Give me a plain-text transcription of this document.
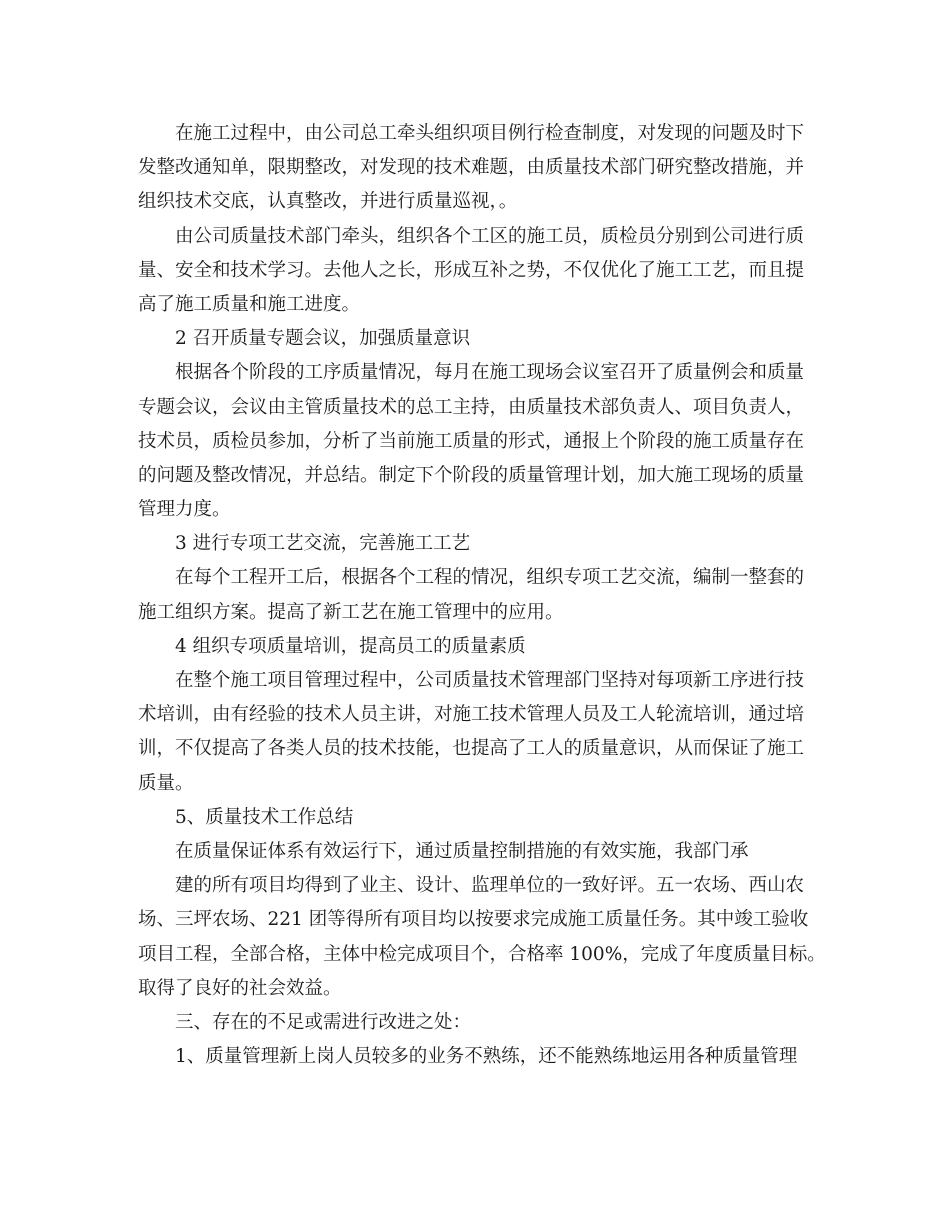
在施工过程中，由公司总工牵头组织项目例行检查制度，对发现的问题及时下
发整改通知单，限期整改，对发现的技术难题，由质量技术部门研究整改措施，并
组织技术交底，认真整改，并进行质量巡视，。
由公司质量技术部门牵头，组织各个工区的施工员，质检员分别到公司进行质
量、安全和技术学习。去他人之长，形成互补之势，不仅优化了施工工艺，而且提
高了施工质量和施工进度。
2 召开质量专题会议，加强质量意识
根据各个阶段的工序质量情况，每月在施工现场会议室召开了质量例会和质量
专题会议，会议由主管质量技术的总工主持，由质量技术部负责人、项目负责人，
技术员，质检员参加，分析了当前施工质量的形式，通报上个阶段的施工质量存在
的问题及整改情况，并总结。制定下个阶段的质量管理计划，加大施工现场的质量
管理力度。
3 进行专项工艺交流，完善施工工艺
在每个工程开工后，根据各个工程的情况，组织专项工艺交流，编制一整套的
施工组织方案。提高了新工艺在施工管理中的应用。
4 组织专项质量培训，提高员工的质量素质
在整个施工项目管理过程中，公司质量技术管理部门坚持对每项新工序进行技
术培训，由有经验的技术人员主讲，对施工技术管理人员及工人轮流培训，通过培
训，不仅提高了各类人员的技术技能，也提高了工人的质量意识，从而保证了施工
质量。
5、质量技术工作总结
在质量保证体系有效运行下，通过质量控制措施的有效实施，我部门承
建的所有项目均得到了业主、设计、监理单位的一致好评。五一农场、西山农
场、三坪农场、221 团等得所有项目均以按要求完成施工质量任务。其中竣工验收
项目工程，全部合格，主体中检完成项目个，合格率 100%，完成了年度质量目标。
取得了良好的社会效益。
三、存在的不足或需进行改进之处：
1、质量管理新上岗人员较多的业务不熟练，还不能熟练地运用各种质量管理
